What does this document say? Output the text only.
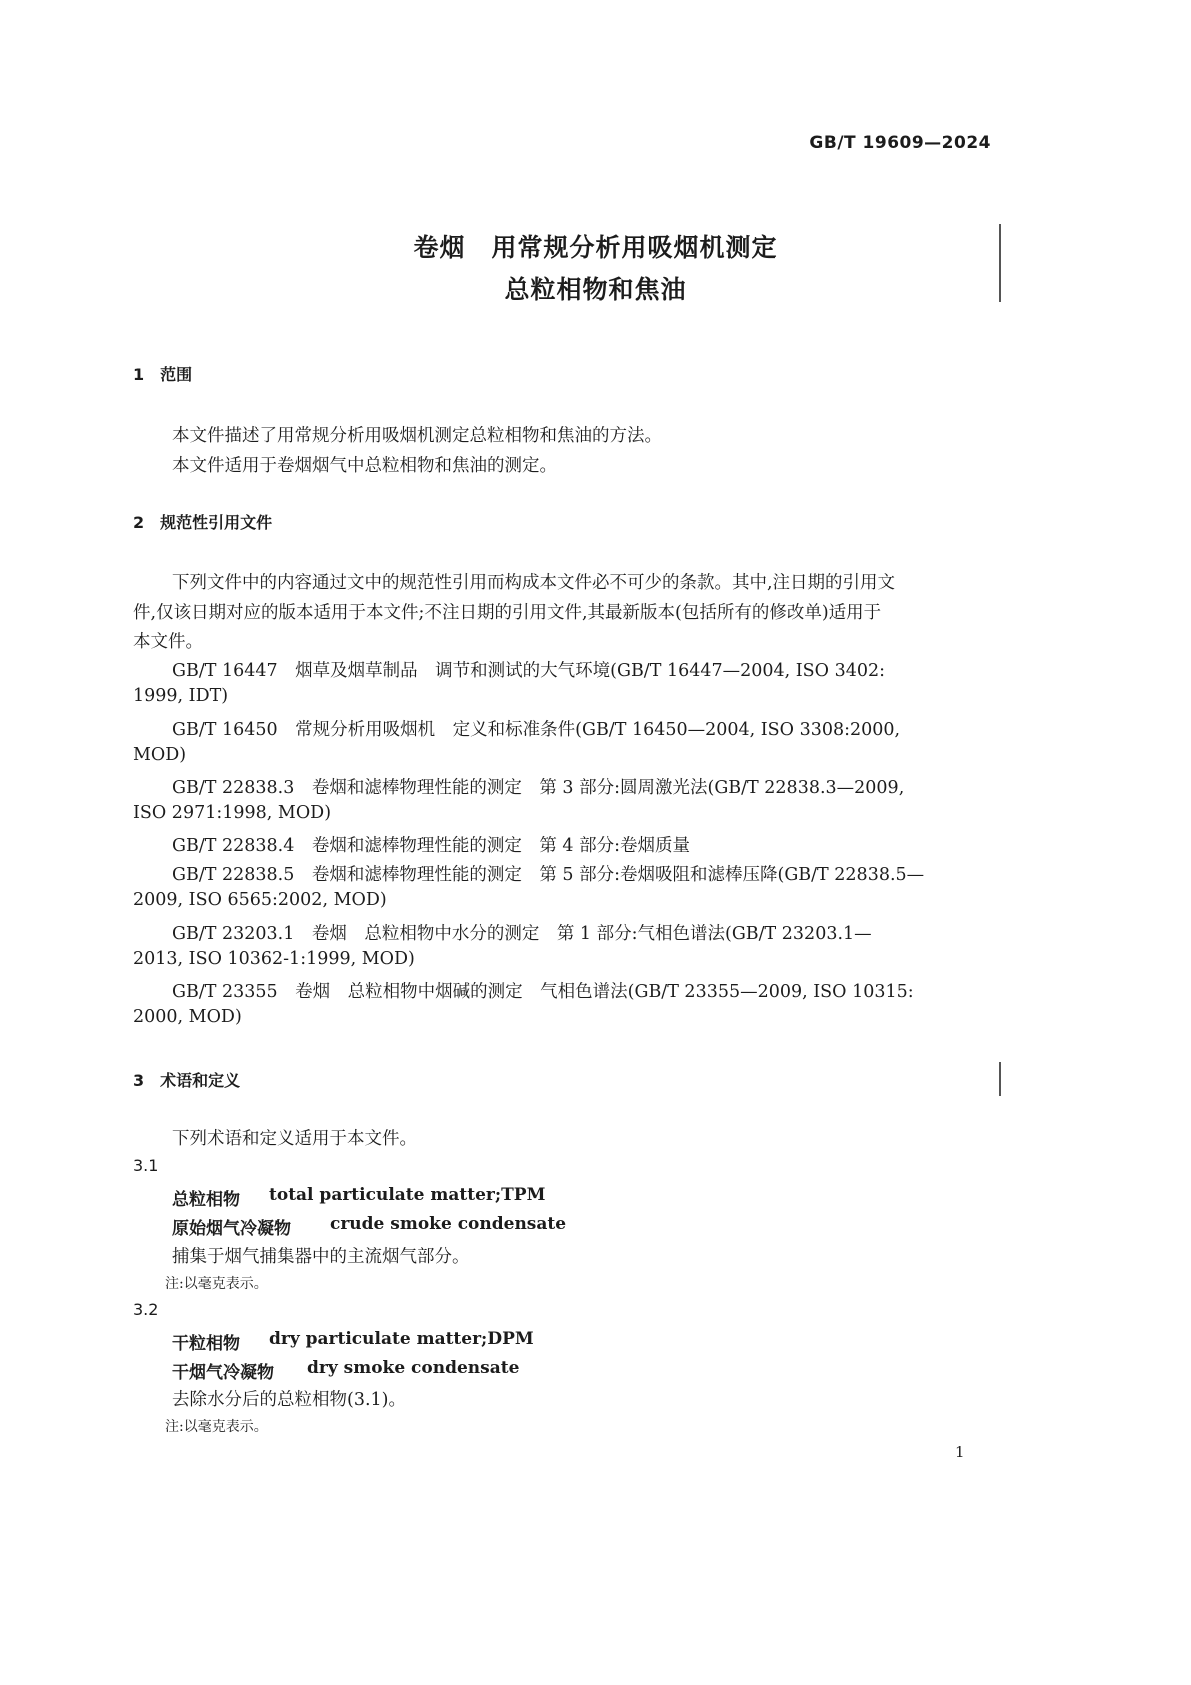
GB/T 19609—2024
卷烟　用常规分析用吸烟机测定
总粒相物和焦油
1　范围
本文件描述了用常规分析用吸烟机测定总粒相物和焦油的方法。
本文件适用于卷烟烟气中总粒相物和焦油的测定。
2　规范性引用文件
下列文件中的内容通过文中的规范性引用而构成本文件必不可少的条款。其中,注日期的引用文
件,仅该日期对应的版本适用于本文件;不注日期的引用文件,其最新版本(包括所有的修改单)适用于
本文件。
GB/T 16447　烟草及烟草制品　调节和测试的大气环境(GB/T 16447—2004, ISO 3402:
1999, IDT)
GB/T 16450　常规分析用吸烟机　定义和标准条件(GB/T 16450—2004, ISO 3308:2000,
MOD)
GB/T 22838.3　卷烟和滤棒物理性能的测定　第 3 部分:圆周激光法(GB/T 22838.3—2009,
ISO 2971:1998, MOD)
GB/T 22838.4　卷烟和滤棒物理性能的测定　第 4 部分:卷烟质量
GB/T 22838.5　卷烟和滤棒物理性能的测定　第 5 部分:卷烟吸阻和滤棒压降(GB/T 22838.5—
2009, ISO 6565:2002, MOD)
GB/T 23203.1　卷烟　总粒相物中水分的测定　第 1 部分:气相色谱法(GB/T 23203.1—
2013, ISO 10362-1:1999, MOD)
GB/T 23355　卷烟　总粒相物中烟碱的测定　气相色谱法(GB/T 23355—2009, ISO 10315:
2000, MOD)
3　术语和定义
下列术语和定义适用于本文件。
3.1
总粒相物 total particulate matter;TPM
原始烟气冷凝物 crude smoke condensate
捕集于烟气捕集器中的主流烟气部分。
注:以毫克表示。
3.2
干粒相物 dry particulate matter;DPM
干烟气冷凝物 dry smoke condensate
去除水分后的总粒相物(3.1)。
注:以毫克表示。
1
